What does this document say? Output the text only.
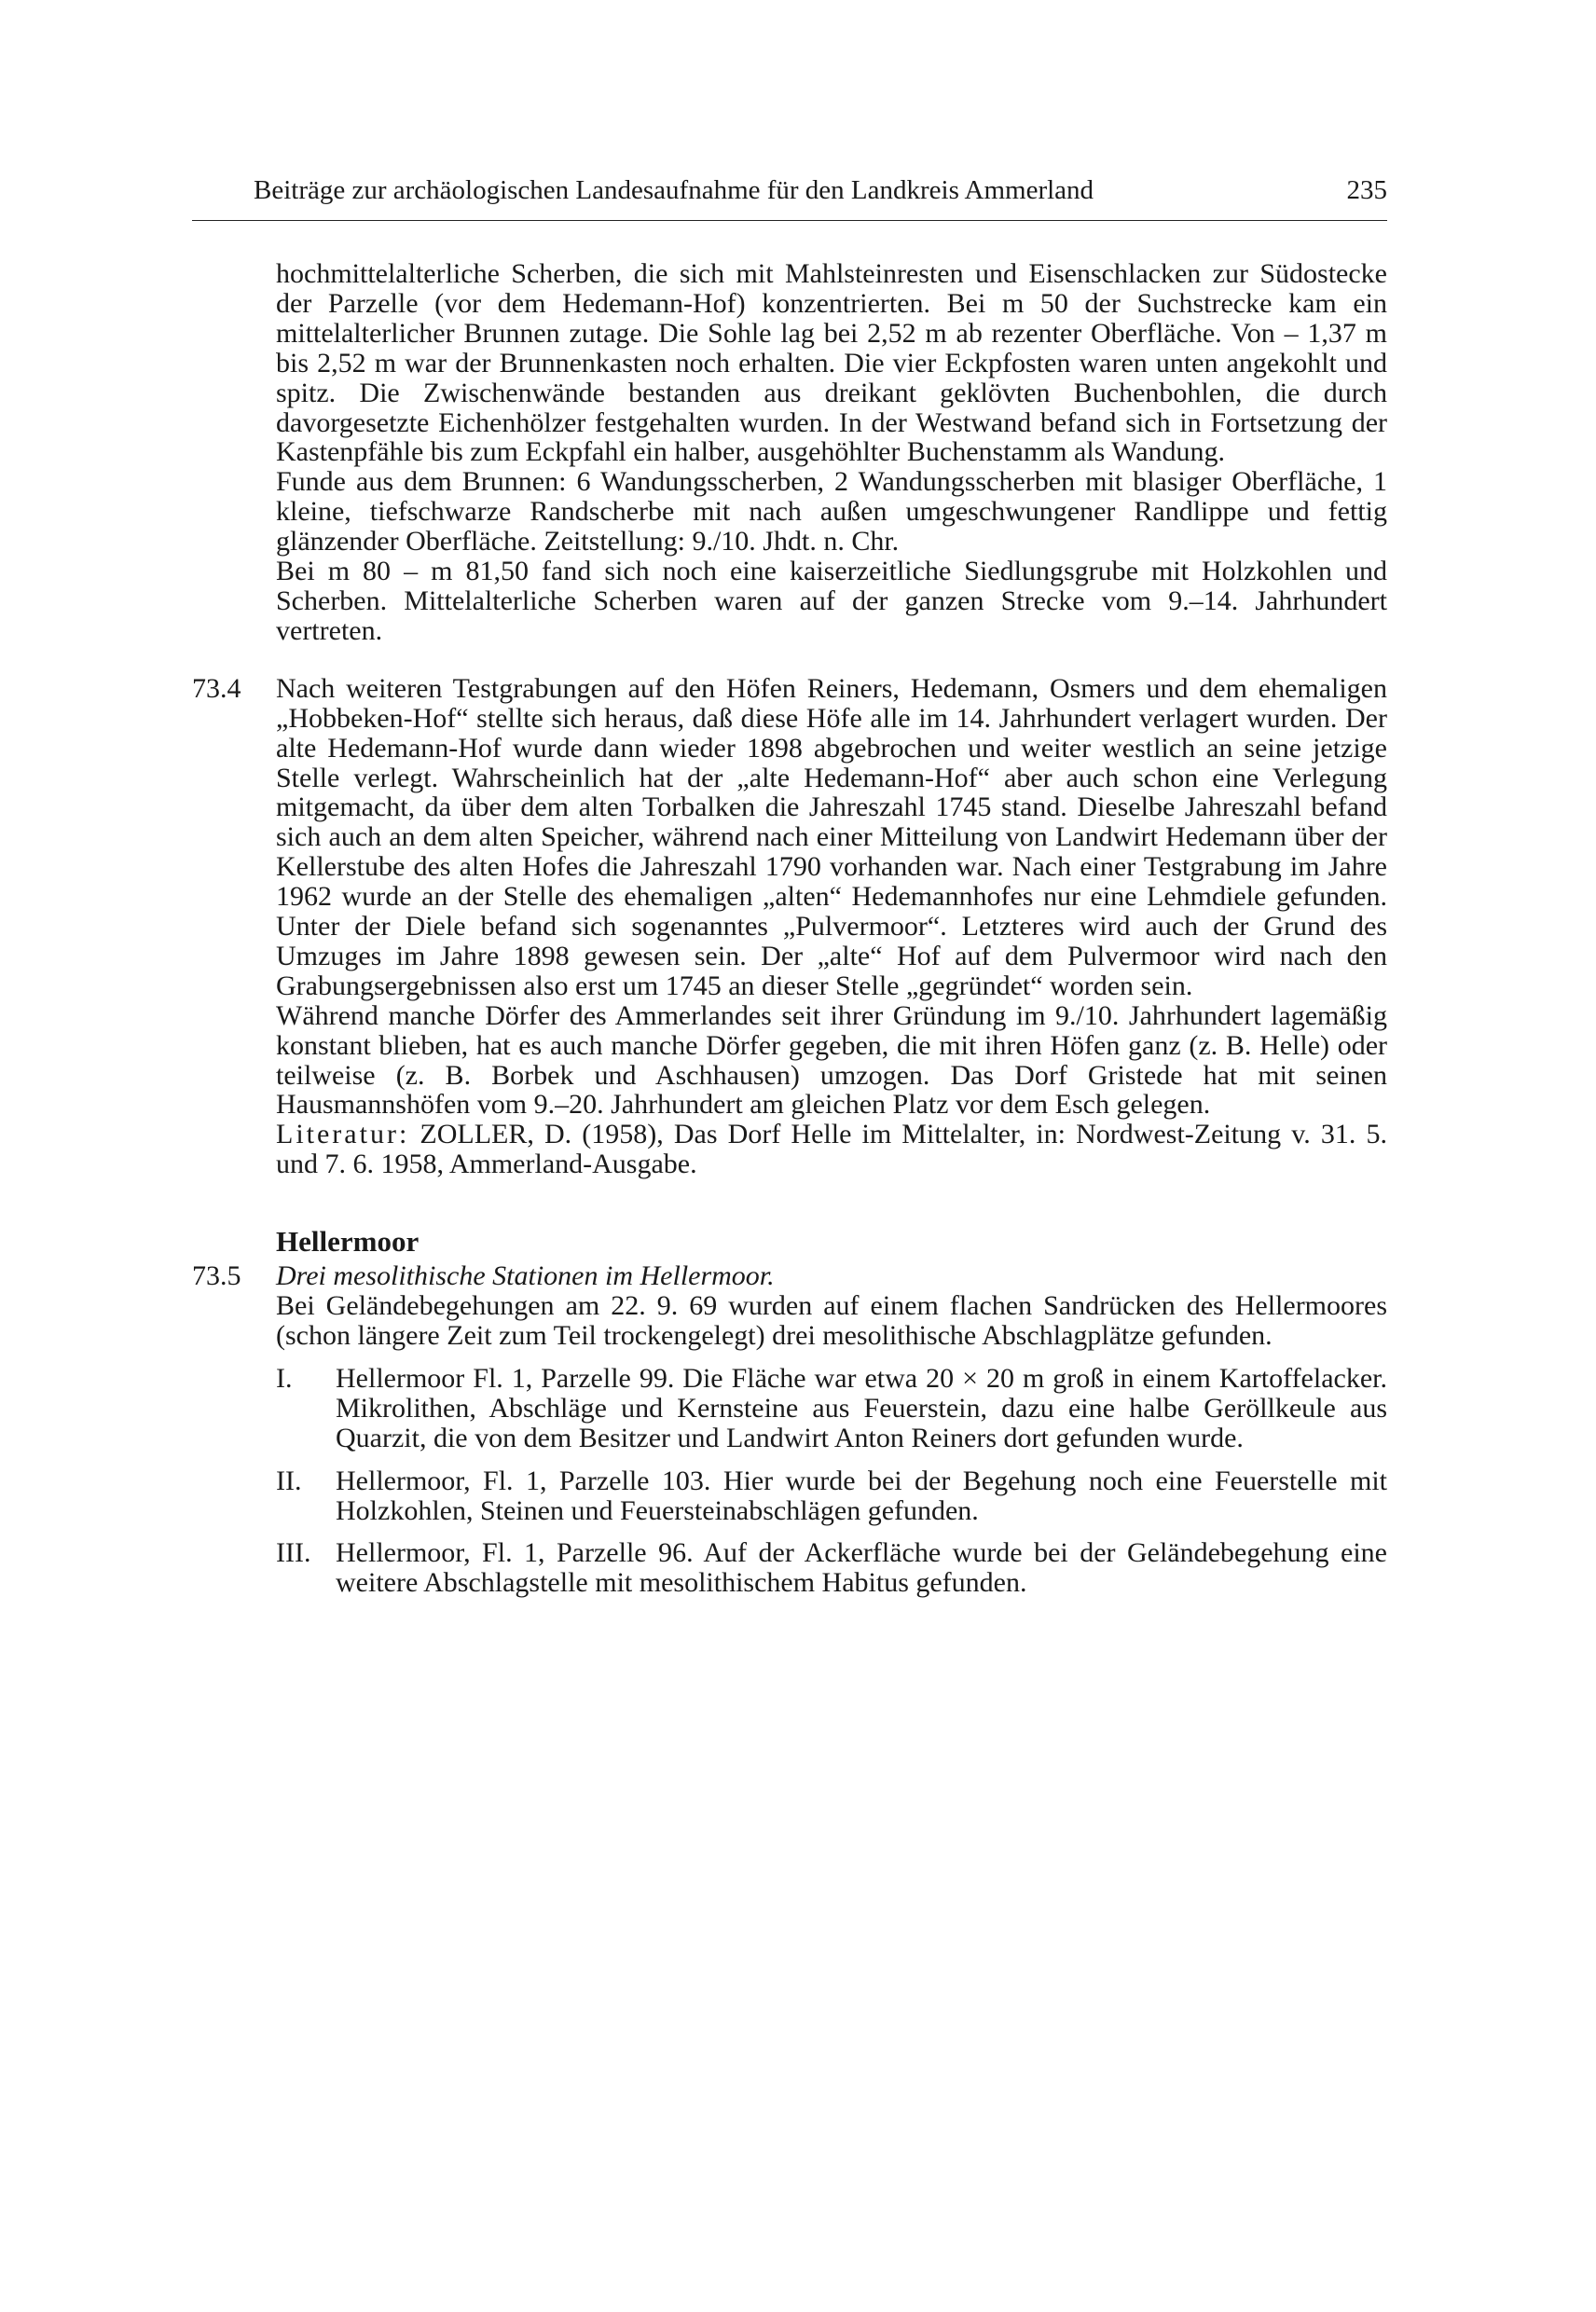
Beiträge zur archäologischen Landesaufnahme für den Landkreis Ammerland	235

hochmittelalterliche Scherben, die sich mit Mahlsteinresten und Eisenschlacken zur Südostecke der Parzelle (vor dem Hedemann-Hof) konzentrierten. Bei m 50 der Suchstrecke kam ein mittelalterlicher Brunnen zutage. Die Sohle lag bei 2,52 m ab rezenter Oberfläche. Von – 1,37 m bis 2,52 m war der Brunnenkasten noch erhalten. Die vier Eckpfosten waren unten angekohlt und spitz. Die Zwischenwände bestanden aus dreikant geklövten Buchenbohlen, die durch davorgesetzte Eichenhölzer festgehalten wurden. In der Westwand befand sich in Fortsetzung der Kastenpfähle bis zum Eckpfahl ein halber, ausgehöhlter Buchenstamm als Wandung.

Funde aus dem Brunnen: 6 Wandungsscherben, 2 Wandungsscherben mit blasiger Oberfläche, 1 kleine, tiefschwarze Randscherbe mit nach außen umgeschwungener Randlippe und fettig glänzender Oberfläche. Zeitstellung: 9./10. Jhdt. n. Chr.

Bei m 80 – m 81,50 fand sich noch eine kaiserzeitliche Siedlungsgrube mit Holzkohlen und Scherben. Mittelalterliche Scherben waren auf der ganzen Strecke vom 9.–14. Jahrhundert vertreten.

73.4 Nach weiteren Testgrabungen auf den Höfen Reiners, Hedemann, Osmers und dem ehemaligen „Hobbeken-Hof“ stellte sich heraus, daß diese Höfe alle im 14. Jahrhundert verlagert wurden. Der alte Hedemann-Hof wurde dann wieder 1898 abgebrochen und weiter westlich an seine jetzige Stelle verlegt. Wahrscheinlich hat der „alte Hedemann-Hof“ aber auch schon eine Verlegung mitgemacht, da über dem alten Torbalken die Jahreszahl 1745 stand. Dieselbe Jahreszahl befand sich auch an dem alten Speicher, während nach einer Mitteilung von Landwirt Hedemann über der Kellerstube des alten Hofes die Jahreszahl 1790 vorhanden war. Nach einer Testgrabung im Jahre 1962 wurde an der Stelle des ehemaligen „alten“ Hedemannhofes nur eine Lehmdiele gefunden. Unter der Diele befand sich sogenanntes „Pulvermoor“. Letzteres wird auch der Grund des Umzuges im Jahre 1898 gewesen sein. Der „alte“ Hof auf dem Pulvermoor wird nach den Grabungsergebnissen also erst um 1745 an dieser Stelle „gegründet“ worden sein.

Während manche Dörfer des Ammerlandes seit ihrer Gründung im 9./10. Jahrhundert lagemäßig konstant blieben, hat es auch manche Dörfer gegeben, die mit ihren Höfen ganz (z. B. Helle) oder teilweise (z. B. Borbek und Aschhausen) umzogen. Das Dorf Gristede hat mit seinen Hausmannshöfen vom 9.–20. Jahrhundert am gleichen Platz vor dem Esch gelegen.

Literatur: ZOLLER, D. (1958), Das Dorf Helle im Mittelalter, in: Nordwest-Zeitung v. 31. 5. und 7. 6. 1958, Ammerland-Ausgabe.

Hellermoor
73.5 Drei mesolithische Stationen im Hellermoor.

Bei Geländebegehungen am 22. 9. 69 wurden auf einem flachen Sandrücken des Hellermoores (schon längere Zeit zum Teil trockengelegt) drei mesolithische Abschlagplätze gefunden.

I. Hellermoor Fl. 1, Parzelle 99. Die Fläche war etwa 20 × 20 m groß in einem Kartoffelacker. Mikrolithen, Abschläge und Kernsteine aus Feuerstein, dazu eine halbe Geröllkeule aus Quarzit, die von dem Besitzer und Landwirt Anton Reiners dort gefunden wurde.

II. Hellermoor, Fl. 1, Parzelle 103. Hier wurde bei der Begehung noch eine Feuerstelle mit Holzkohlen, Steinen und Feuersteinabschlägen gefunden.

III. Hellermoor, Fl. 1, Parzelle 96. Auf der Ackerfläche wurde bei der Geländebegehung eine weitere Abschlagstelle mit mesolithischem Habitus gefunden.
